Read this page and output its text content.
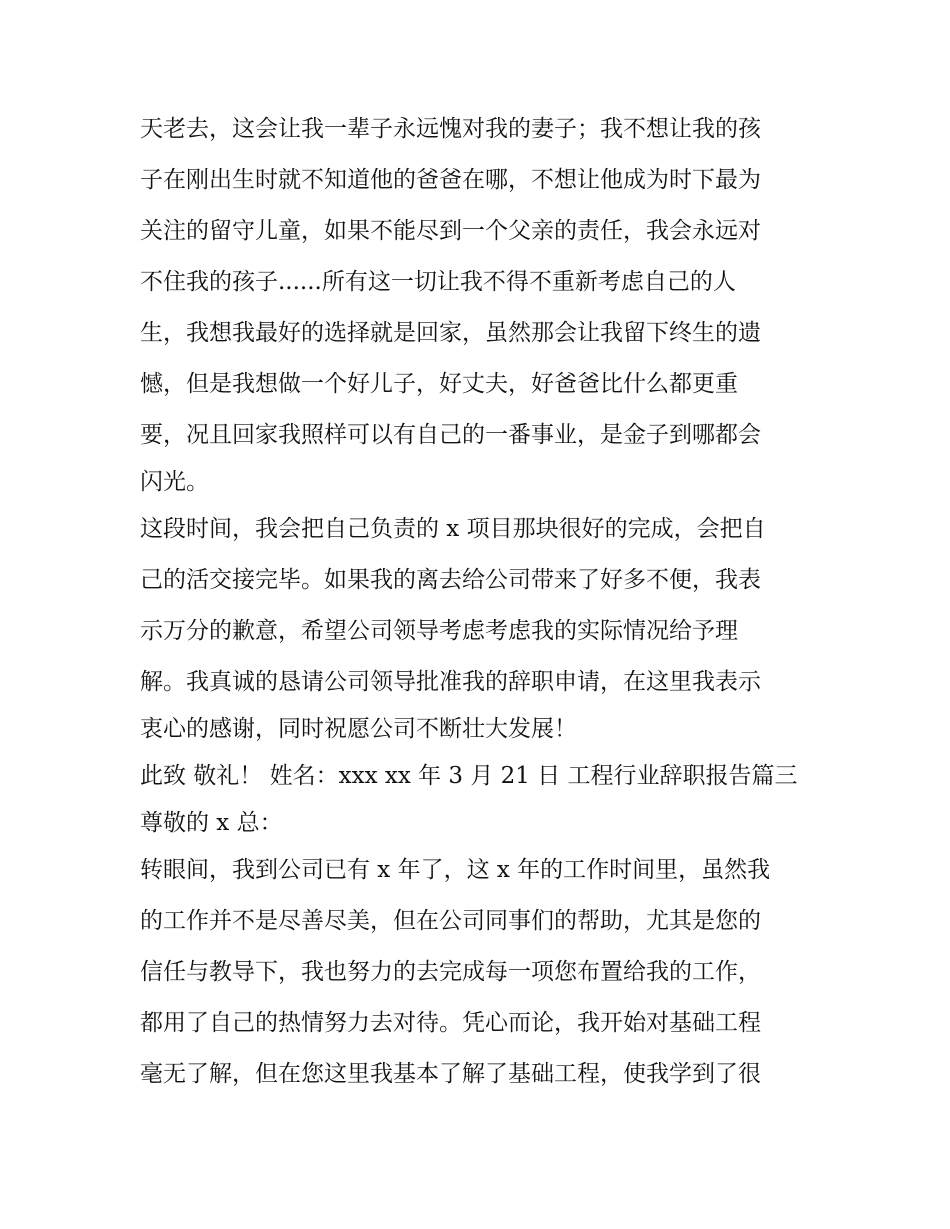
天老去，这会让我一辈子永远愧对我的妻子；我不想让我的孩
子在刚出生时就不知道他的爸爸在哪，不想让他成为时下最为
关注的留守儿童，如果不能尽到一个父亲的责任，我会永远对
不住我的孩子......所有这一切让我不得不重新考虑自己的人
生，我想我最好的选择就是回家，虽然那会让我留下终生的遗
憾，但是我想做一个好儿子，好丈夫，好爸爸比什么都更重
要，况且回家我照样可以有自己的一番事业，是金子到哪都会
闪光。
这段时间，我会把自己负责的 x 项目那块很好的完成，会把自
己的活交接完毕。如果我的离去给公司带来了好多不便，我表
示万分的歉意，希望公司领导考虑考虑我的实际情况给予理
解。我真诚的恳请公司领导批准我的辞职申请，在这里我表示
衷心的感谢，同时祝愿公司不断壮大发展！
此致 敬礼！ 姓名：xxx xx 年 3 月 21 日 工程行业辞职报告篇三
尊敬的 x 总：
转眼间，我到公司已有 x 年了，这 x 年的工作时间里，虽然我
的工作并不是尽善尽美，但在公司同事们的帮助，尤其是您的
信任与教导下，我也努力的去完成每一项您布置给我的工作，
都用了自己的热情努力去对待。凭心而论，我开始对基础工程
毫无了解，但在您这里我基本了解了基础工程，使我学到了很
